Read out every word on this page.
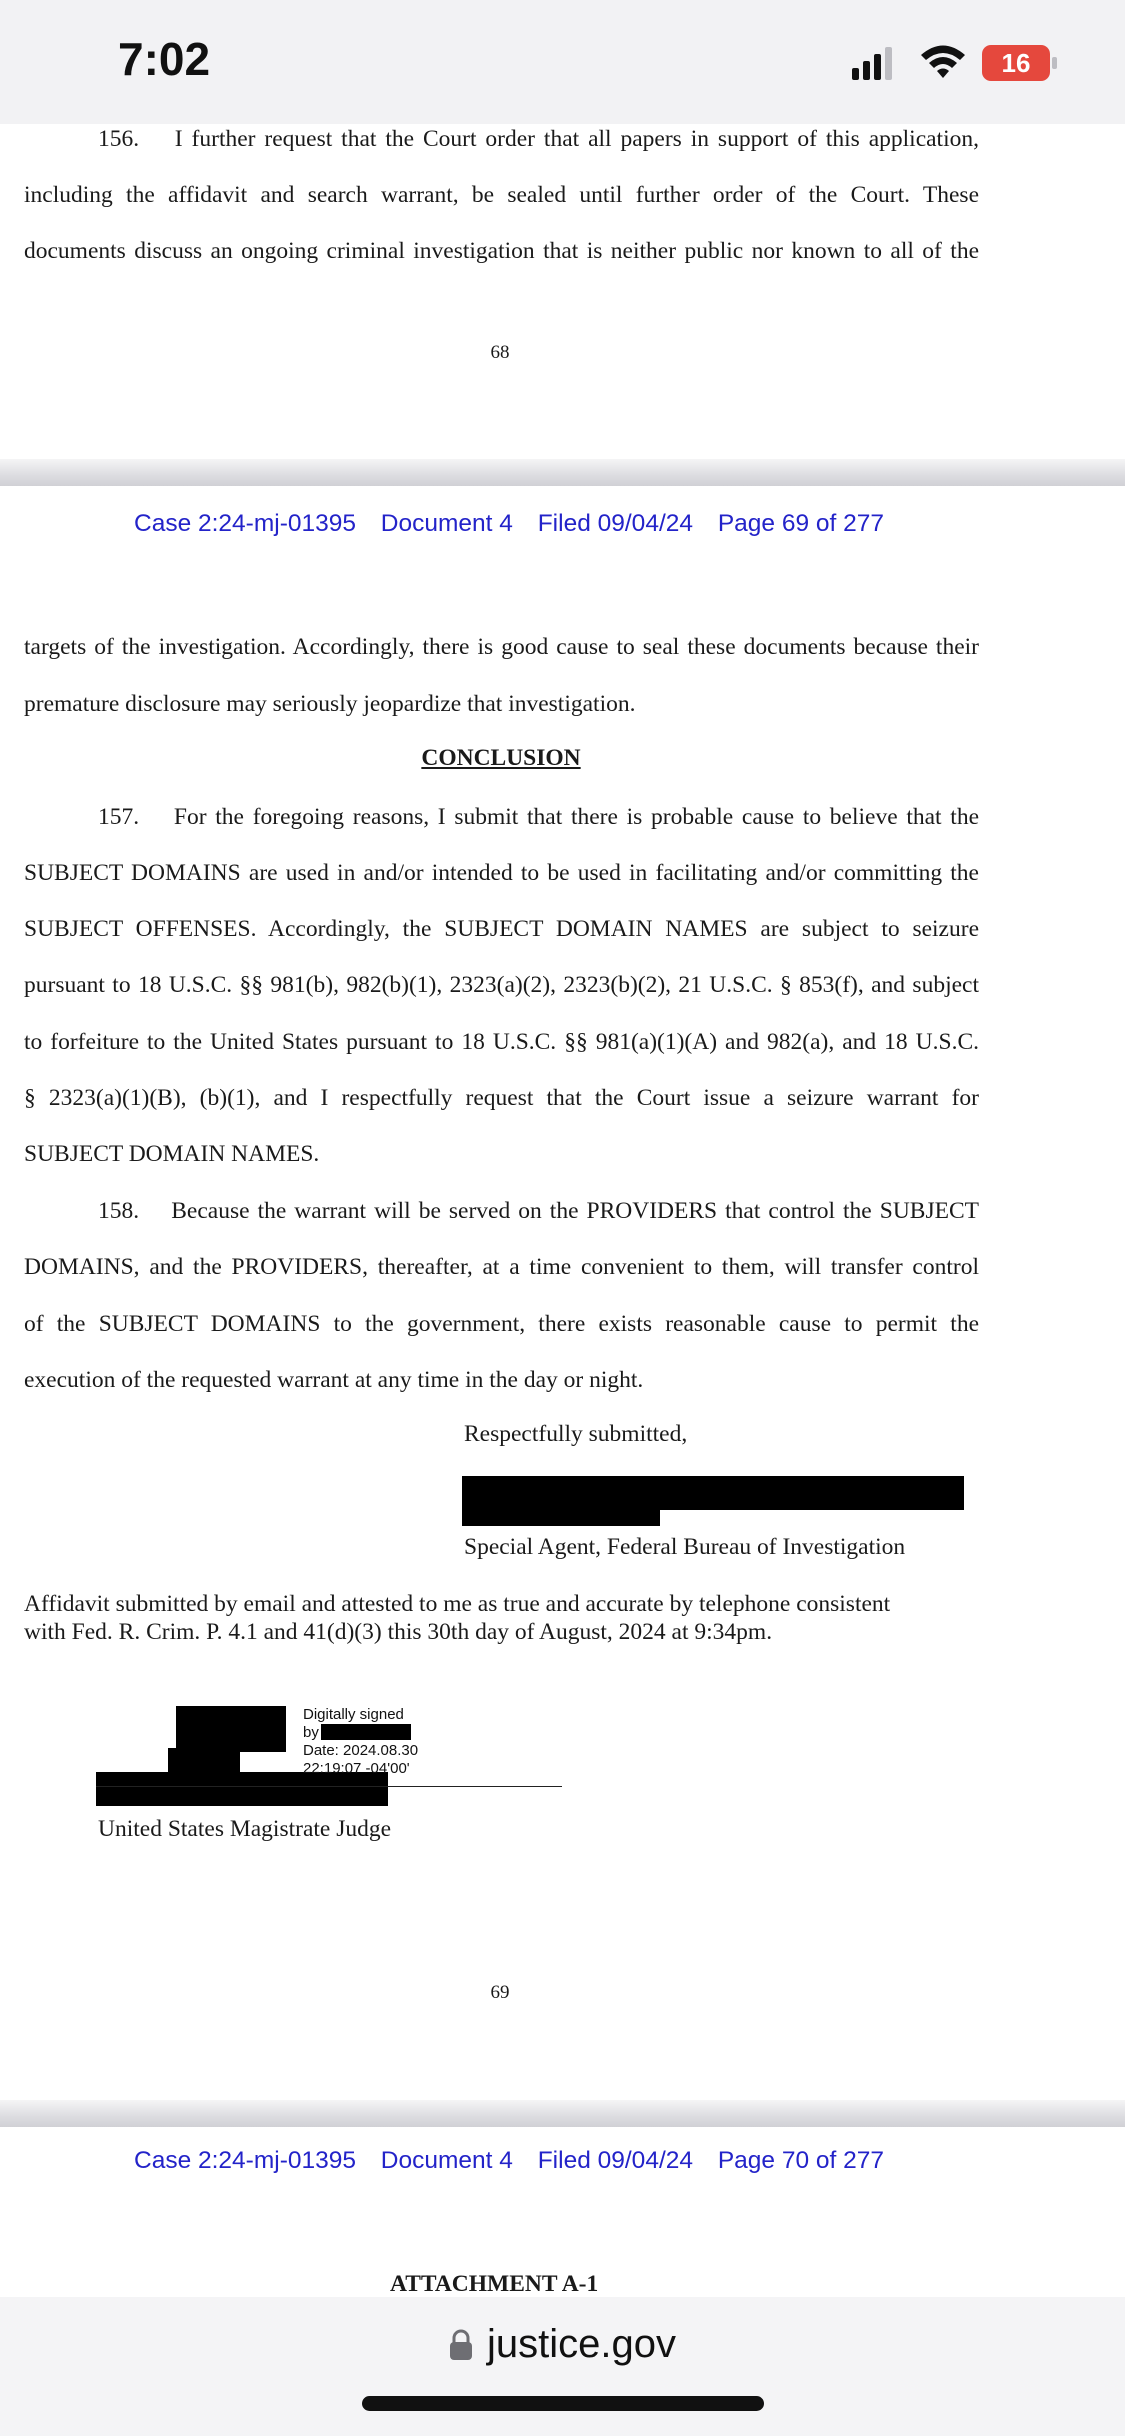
7:02	16
156.    I further request that the Court order that all papers in support of this application,
including the affidavit and search warrant, be sealed until further order of the Court. These
documents discuss an ongoing criminal investigation that is neither public nor known to all of the
68
Case 2:24-mj-01395 Document 4 Filed 09/04/24 Page 69 of 277
targets of the investigation. Accordingly, there is good cause to seal these documents because their
premature disclosure may seriously jeopardize that investigation.
CONCLUSION
157.    For the foregoing reasons, I submit that there is probable cause to believe that the
SUBJECT DOMAINS are used in and/or intended to be used in facilitating and/or committing the
SUBJECT OFFENSES. Accordingly, the SUBJECT DOMAIN NAMES are subject to seizure
pursuant to 18 U.S.C. §§ 981(b), 982(b)(1), 2323(a)(2), 2323(b)(2), 21 U.S.C. § 853(f), and subject
to forfeiture to the United States pursuant to 18 U.S.C. §§ 981(a)(1)(A) and 982(a), and 18 U.S.C.
§ 2323(a)(1)(B), (b)(1), and I respectfully request that the Court issue a seizure warrant for
SUBJECT DOMAIN NAMES.
158.    Because the warrant will be served on the PROVIDERS that control the SUBJECT
DOMAINS, and the PROVIDERS, thereafter, at a time convenient to them, will transfer control
of the SUBJECT DOMAINS to the government, there exists reasonable cause to permit the
execution of the requested warrant at any time in the day or night.
Respectfully submitted,
Special Agent, Federal Bureau of Investigation
Affidavit submitted by email and attested to me as true and accurate by telephone consistent
with Fed. R. Crim. P. 4.1 and 41(d)(3) this 30th day of August, 2024 at 9:34pm.
Digitally signed
by
Date: 2024.08.30
22:19:07 -04'00'
United States Magistrate Judge
69
Case 2:24-mj-01395 Document 4 Filed 09/04/24 Page 70 of 277
ATTACHMENT A-1
justice.gov
